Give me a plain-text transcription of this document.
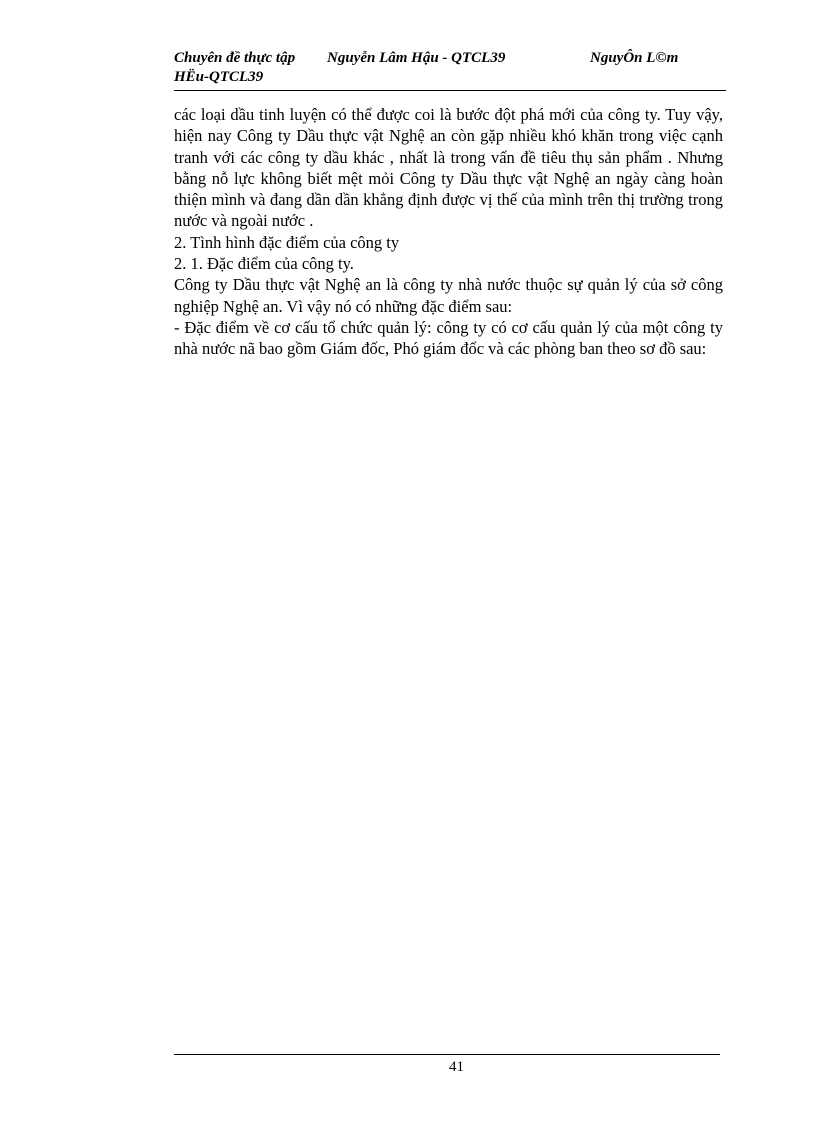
Chuyên đề thực tập Nguyễn Lâm Hậu - QTCL39	NguyÔn L©m
HËu-QTCL39

các loại dầu tinh luyện có thể được coi là bước đột phá mới của công ty. Tuy vậy, hiện nay Công ty Dầu thực vật Nghệ an còn gặp nhiều khó khăn trong việc cạnh tranh với các công ty dầu khác , nhất là trong vấn đề tiêu thụ sản phẩm . Nhưng bằng nỗ lực không biết mệt mỏi Công ty Dầu thực vật Nghệ an ngày càng hoàn thiện mình và đang dần dần khẳng định được vị thế của mình trên thị trường trong nước và ngoài nước .

2. Tình hình đặc điểm của công ty

2. 1. Đặc điểm của công ty.

Công ty Dầu thực vật Nghệ an là công ty nhà nước thuộc sự quản lý của sở công nghiệp Nghệ an. Vì vậy nó có những đặc điểm sau:

- Đặc điểm về cơ cấu tổ chức quản lý: công ty có cơ cấu quản lý của một công ty nhà nước nã bao gồm Giám đốc, Phó giám đốc và các phòng ban theo sơ đồ sau:

41
